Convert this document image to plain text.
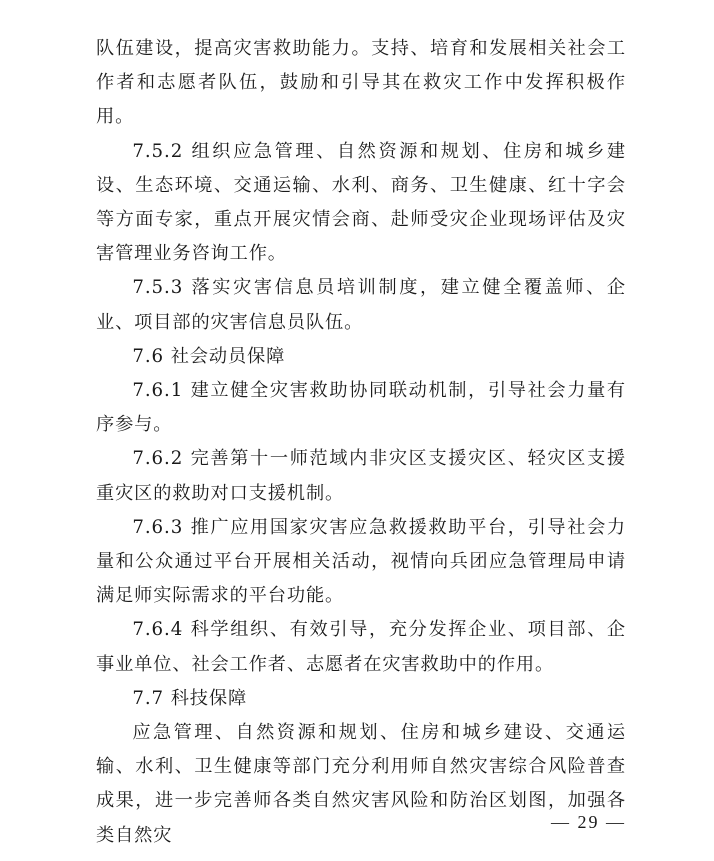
队伍建设，提高灾害救助能力。支持、培育和发展相关社会工作者和志愿者队伍，鼓励和引导其在救灾工作中发挥积极作用。

7.5.2 组织应急管理、自然资源和规划、住房和城乡建设、生态环境、交通运输、水利、商务、卫生健康、红十字会等方面专家，重点开展灾情会商、赴师受灾企业现场评估及灾害管理业务咨询工作。

7.5.3 落实灾害信息员培训制度，建立健全覆盖师、企业、项目部的灾害信息员队伍。

7.6 社会动员保障

7.6.1 建立健全灾害救助协同联动机制，引导社会力量有序参与。

7.6.2 完善第十一师范域内非灾区支援灾区、轻灾区支援重灾区的救助对口支援机制。

7.6.3 推广应用国家灾害应急救援救助平台，引导社会力量和公众通过平台开展相关活动，视情向兵团应急管理局申请满足师实际需求的平台功能。

7.6.4 科学组织、有效引导，充分发挥企业、项目部、企事业单位、社会工作者、志愿者在灾害救助中的作用。

7.7 科技保障

应急管理、自然资源和规划、住房和城乡建设、交通运输、水利、卫生健康等部门充分利用师自然灾害综合风险普查成果，进一步完善师各类自然灾害风险和防治区划图，加强各类自然灾

— 29 —
